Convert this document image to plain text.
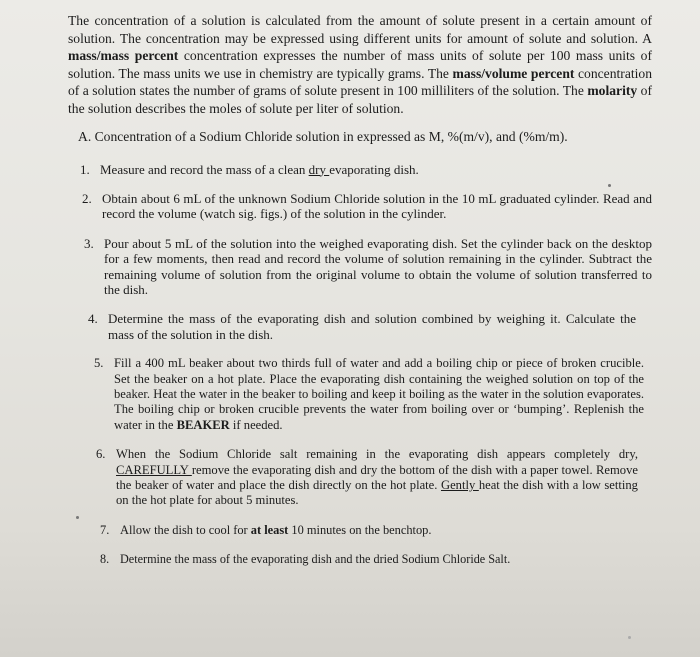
The concentration of a solution is calculated from the amount of solute present in a certain amount of solution. The concentration may be expressed using different units for amount of solute and solution. A mass/mass percent concentration expresses the number of mass units of solute per 100 mass units of solution. The mass units we use in chemistry are typically grams. The mass/volume percent concentration of a solution states the number of grams of solute present in 100 milliliters of the solution. The molarity of the solution describes the moles of solute per liter of solution.

A. Concentration of a Sodium Chloride solution in expressed as M, %(m/v), and (%m/m).
1. Measure and record the mass of a clean dry evaporating dish.
2. Obtain about 6 mL of the unknown Sodium Chloride solution in the 10 mL graduated cylinder. Read and record the volume (watch sig. figs.) of the solution in the cylinder.
3. Pour about 5 mL of the solution into the weighed evaporating dish. Set the cylinder back on the desktop for a few moments, then read and record the volume of solution remaining in the cylinder. Subtract the remaining volume of solution from the original volume to obtain the volume of solution transferred to the dish.
4. Determine the mass of the evaporating dish and solution combined by weighing it. Calculate the mass of the solution in the dish.
5. Fill a 400 mL beaker about two thirds full of water and add a boiling chip or piece of broken crucible. Set the beaker on a hot plate. Place the evaporating dish containing the weighed solution on top of the beaker. Heat the water in the beaker to boiling and keep it boiling as the water in the solution evaporates. The boiling chip or broken crucible prevents the water from boiling over or ‘bumping’. Replenish the water in the BEAKER if needed.
6. When the Sodium Chloride salt remaining in the evaporating dish appears completely dry, CAREFULLY remove the evaporating dish and dry the bottom of the dish with a paper towel. Remove the beaker of water and place the dish directly on the hot plate. Gently heat the dish with a low setting on the hot plate for about 5 minutes.
7. Allow the dish to cool for at least 10 minutes on the benchtop.
8. Determine the mass of the evaporating dish and the dried Sodium Chloride Salt.
